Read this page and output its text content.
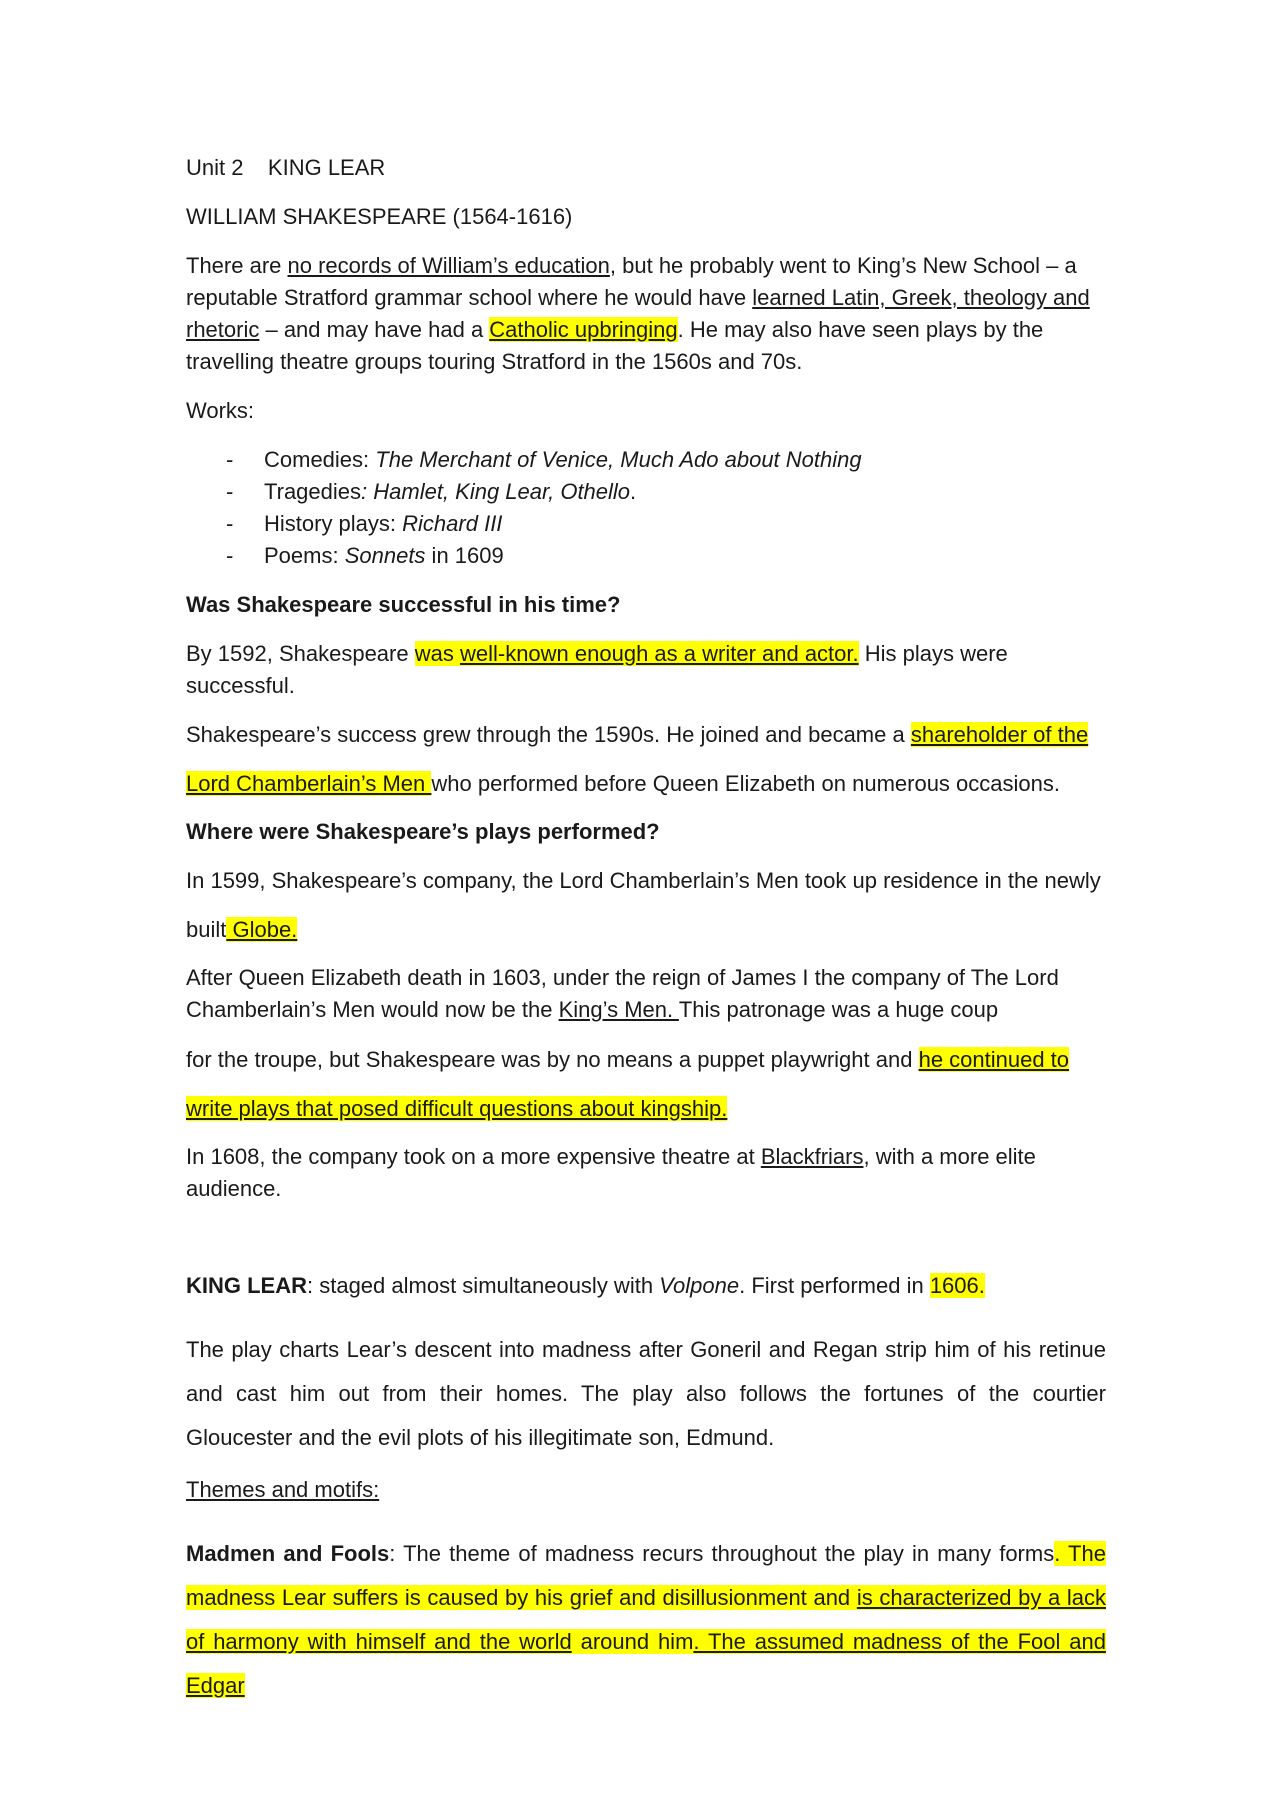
Unit 2    KING LEAR

WILLIAM SHAKESPEARE (1564-1616)

There are no records of William’s education, but he probably went to King’s New School – a reputable Stratford grammar school where he would have learned Latin, Greek, theology and rhetoric – and may have had a Catholic upbringing. He may also have seen plays by the travelling theatre groups touring Stratford in the 1560s and 70s.

Works:

- Comedies: The Merchant of Venice, Much Ado about Nothing
- Tragedies: Hamlet, King Lear, Othello.
- History plays: Richard III
- Poems: Sonnets in 1609

Was Shakespeare successful in his time?

By 1592, Shakespeare was well-known enough as a writer and actor. His plays were successful.

Shakespeare’s success grew through the 1590s. He joined and became a shareholder of the Lord Chamberlain’s Men who performed before Queen Elizabeth on numerous occasions.

Where were Shakespeare’s plays performed?

In 1599, Shakespeare’s company, the Lord Chamberlain’s Men took up residence in the newly built Globe.

After Queen Elizabeth death in 1603, under the reign of James I the company of The Lord Chamberlain’s Men would now be the King’s Men. This patronage was a huge coup

for the troupe, but Shakespeare was by no means a puppet playwright and he continued to write plays that posed difficult questions about kingship.

In 1608, the company took on a more expensive theatre at Blackfriars, with a more elite audience.

KING LEAR: staged almost simultaneously with Volpone. First performed in 1606.

The play charts Lear’s descent into madness after Goneril and Regan strip him of his retinue and cast him out from their homes. The play also follows the fortunes of the courtier Gloucester and the evil plots of his illegitimate son, Edmund.

Themes and motifs:

Madmen and Fools: The theme of madness recurs throughout the play in many forms. The madness Lear suffers is caused by his grief and disillusionment and is characterized by a lack of harmony with himself and the world around him. The assumed madness of the Fool and Edgar
